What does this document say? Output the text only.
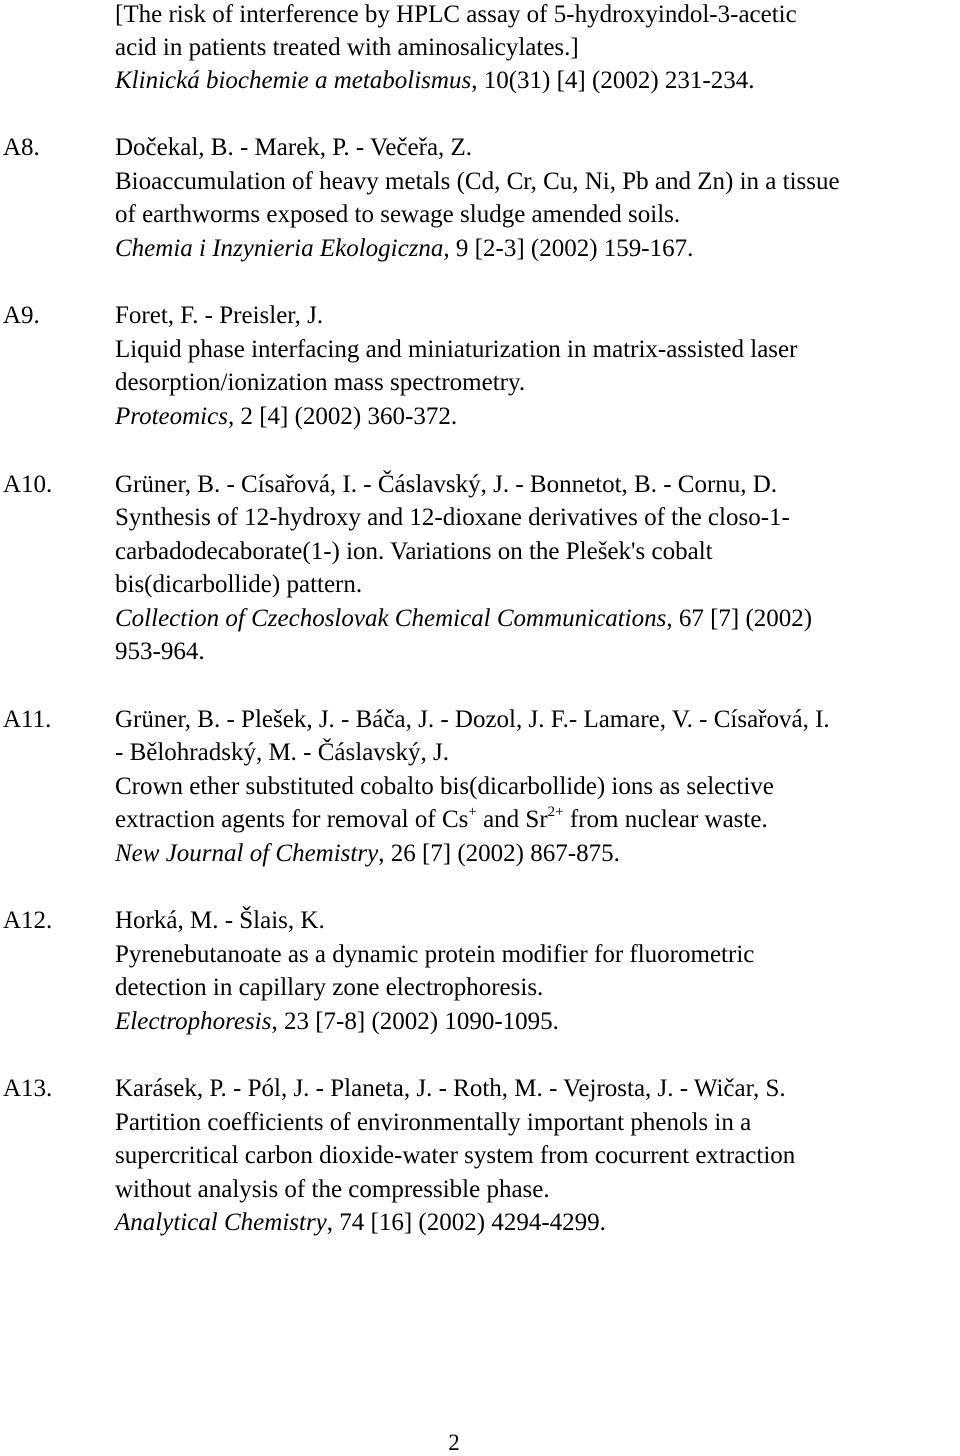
[The risk of interference by HPLC assay of 5-hydroxyindol-3-acetic
acid in patients treated with aminosalicylates.]
Klinická biochemie a metabolismus, 10(31) [4] (2002) 231-234.
A8.	Dočekal, B. - Marek, P. - Večeřa, Z.
Bioaccumulation of heavy metals (Cd, Cr, Cu, Ni, Pb and Zn) in a tissue
of earthworms exposed to sewage sludge amended soils.
Chemia i Inzynieria Ekologiczna, 9 [2-3] (2002) 159-167.
A9.	Foret, F. - Preisler, J.
Liquid phase interfacing and miniaturization in matrix-assisted laser
desorption/ionization mass spectrometry.
Proteomics, 2 [4] (2002) 360-372.
A10.	Grüner, B. - Císařová, I. - Čáslavský, J. - Bonnetot, B. - Cornu, D.
Synthesis of 12-hydroxy and 12-dioxane derivatives of the closo-1-
carbadodecaborate(1-) ion. Variations on the Plešek's cobalt
bis(dicarbollide) pattern.
Collection of Czechoslovak Chemical Communications, 67 [7] (2002)
953-964.
A11.	Grüner, B. - Plešek, J. - Báča, J. - Dozol, J. F.- Lamare, V. - Císařová, I.
- Bělohradský, M. - Čáslavský, J.
Crown ether substituted cobalto bis(dicarbollide) ions as selective
extraction agents for removal of Cs+ and $Sr^{2+}$ from nuclear waste.
New Journal of Chemistry, 26 [7] (2002) 867-875.
A12.	Horká, M. - Šlais, K.
Pyrenebutanoate as a dynamic protein modifier for fluorometric
detection in capillary zone electrophoresis.
Electrophoresis, 23 [7-8] (2002) 1090-1095.
A13.	Karásek, P. - Pól, J. - Planeta, J. - Roth, M. - Vejrosta, J. - Wičar, S.
Partition coefficients of environmentally important phenols in a
supercritical carbon dioxide-water system from cocurrent extraction
without analysis of the compressible phase.
Analytical Chemistry, 74 [16] (2002) 4294-4299.
2
